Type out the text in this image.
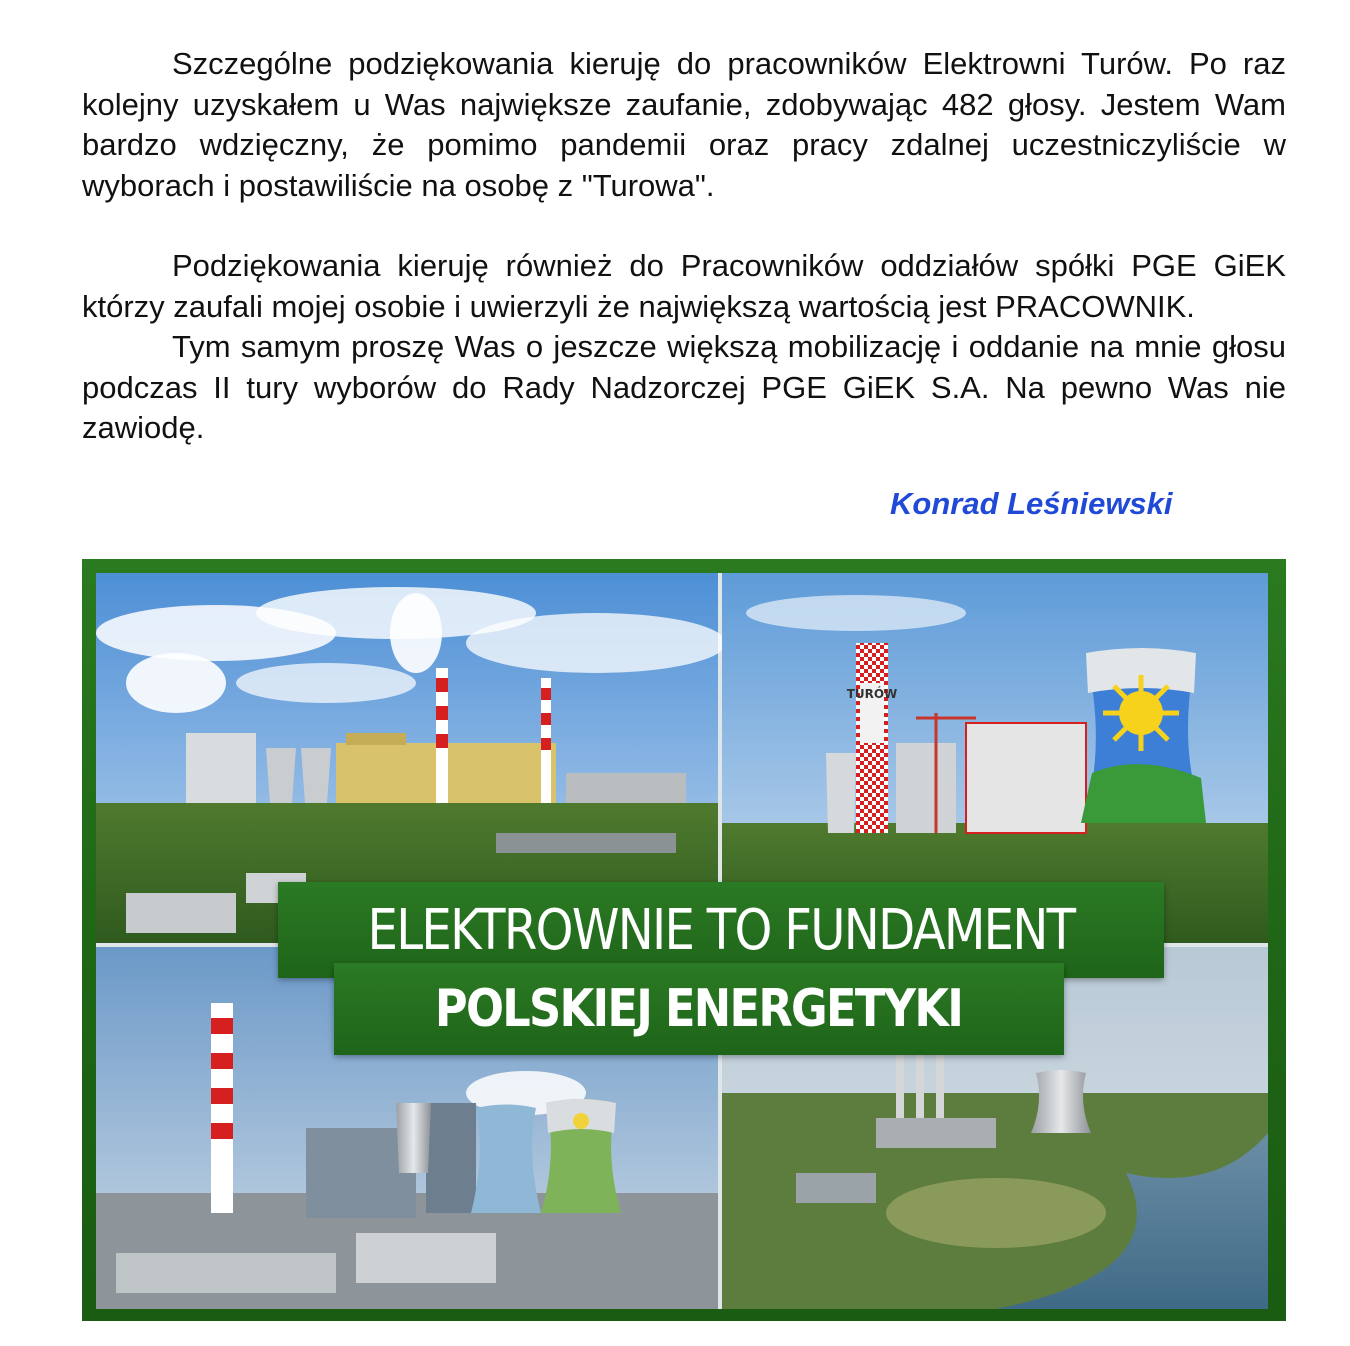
Szczególne podziękowania kieruję do pracowników Elektrowni Turów. Po raz kolejny uzyskałem u Was największe zaufanie, zdobywając 482 głosy. Jestem Wam bardzo wdzięczny, że pomimo pandemii oraz pracy zdalnej uczestniczyliście w wyborach i postawiliście na osobę z "Turowa".

Podziękowania kieruję również do Pracowników oddziałów spółki PGE GiEK którzy zaufali mojej osobie i uwierzyli że największą wartością jest PRACOWNIK.

Tym samym proszę Was o jeszcze większą mobilizację i oddanie na mnie głosu podczas II tury wyborów do Rady Nadzorczej PGE GiEK S.A. Na pewno Was nie zawiodę.

Konrad Leśniewski
TURÓW
ELEKTROWNIE TO FUNDAMENT
POLSKIEJ ENERGETYKI
